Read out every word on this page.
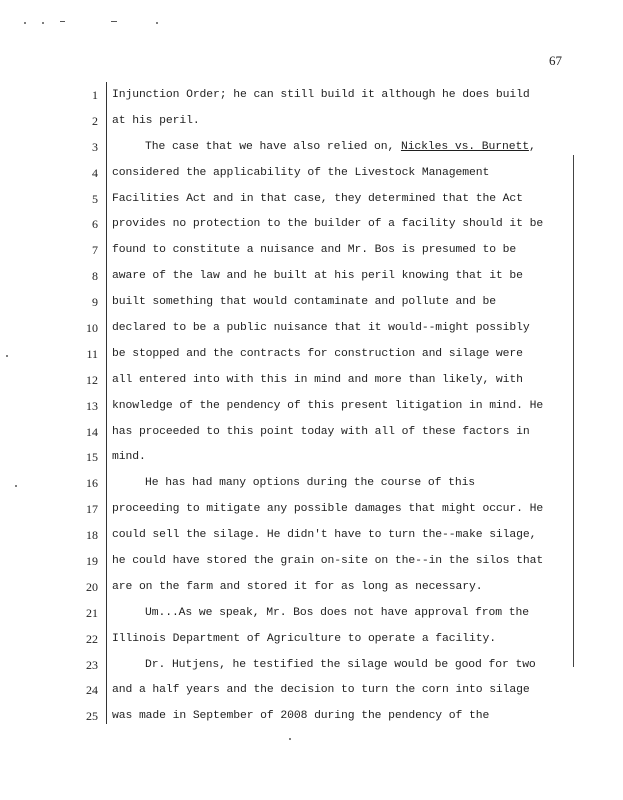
67
1
2
3
4
5
6
7
8
9
10
11
12
13
14
15
16
17
18
19
20
21
22
23
24
25
Injunction Order; he can still build it although he does build
at his peril.
The case that we have also relied on, Nickles vs. Burnett,
considered the applicability of the Livestock Management
Facilities Act and in that case, they determined that the Act
provides no protection to the builder of a facility should it be
found to constitute a nuisance and Mr. Bos is presumed to be
aware of the law and he built at his peril knowing that it be
built something that would contaminate and pollute and be
declared to be a public nuisance that it would--might possibly
be stopped and the contracts for construction and silage were
all entered into with this in mind and more than likely, with
knowledge of the pendency of this present litigation in mind. He
has proceeded to this point today with all of these factors in
mind.
He has had many options during the course of this
proceeding to mitigate any possible damages that might occur. He
could sell the silage. He didn't have to turn the--make silage,
he could have stored the grain on-site on the--in the silos that
are on the farm and stored it for as long as necessary.
Um...As we speak, Mr. Bos does not have approval from the
Illinois Department of Agriculture to operate a facility.
Dr. Hutjens, he testified the silage would be good for two
and a half years and the decision to turn the corn into silage
was made in September of 2008 during the pendency of the
